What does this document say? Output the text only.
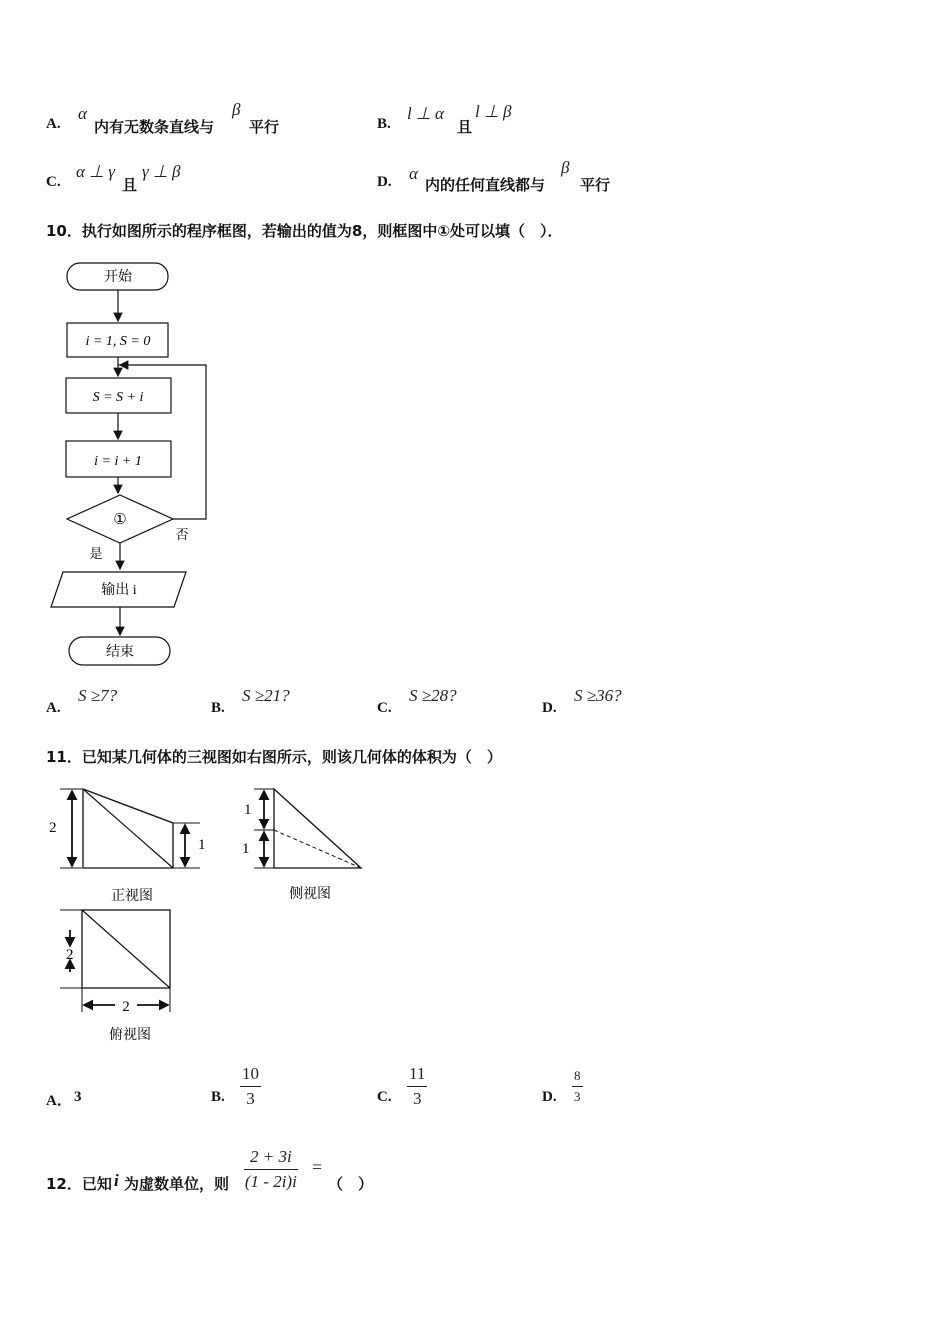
A.
α
内有无数条直线与
β
平行	B.
l ⊥ α
且
l ⊥ β
C.
α ⊥ γ
且
γ ⊥ β
D. α
内的任何直线都与
β
平行
10．执行如图所示的程序框图，若输出的值为8，则框图中①处可以填（　）．
开始
i = 1, S = 0
S = S + i
i = i + 1
①
否
是
输出 i
结束
A.
S ≥7?
B.
S ≥21?
C.
S ≥28?
D.
S ≥36?
11．已知某几何体的三视图如右图所示，则该几何体的体积为（　）
2
1
正视图
1
1
侧视图
2
2
俯视图
A． 3	B. $\frac{10}{3}$	C. $\frac{11}{3}$	D. $\frac{8}{3}$
12．已知 i 为虚数单位，则 $\frac{2 + 3i}{(1 - 2i)i}$ =
（　）
